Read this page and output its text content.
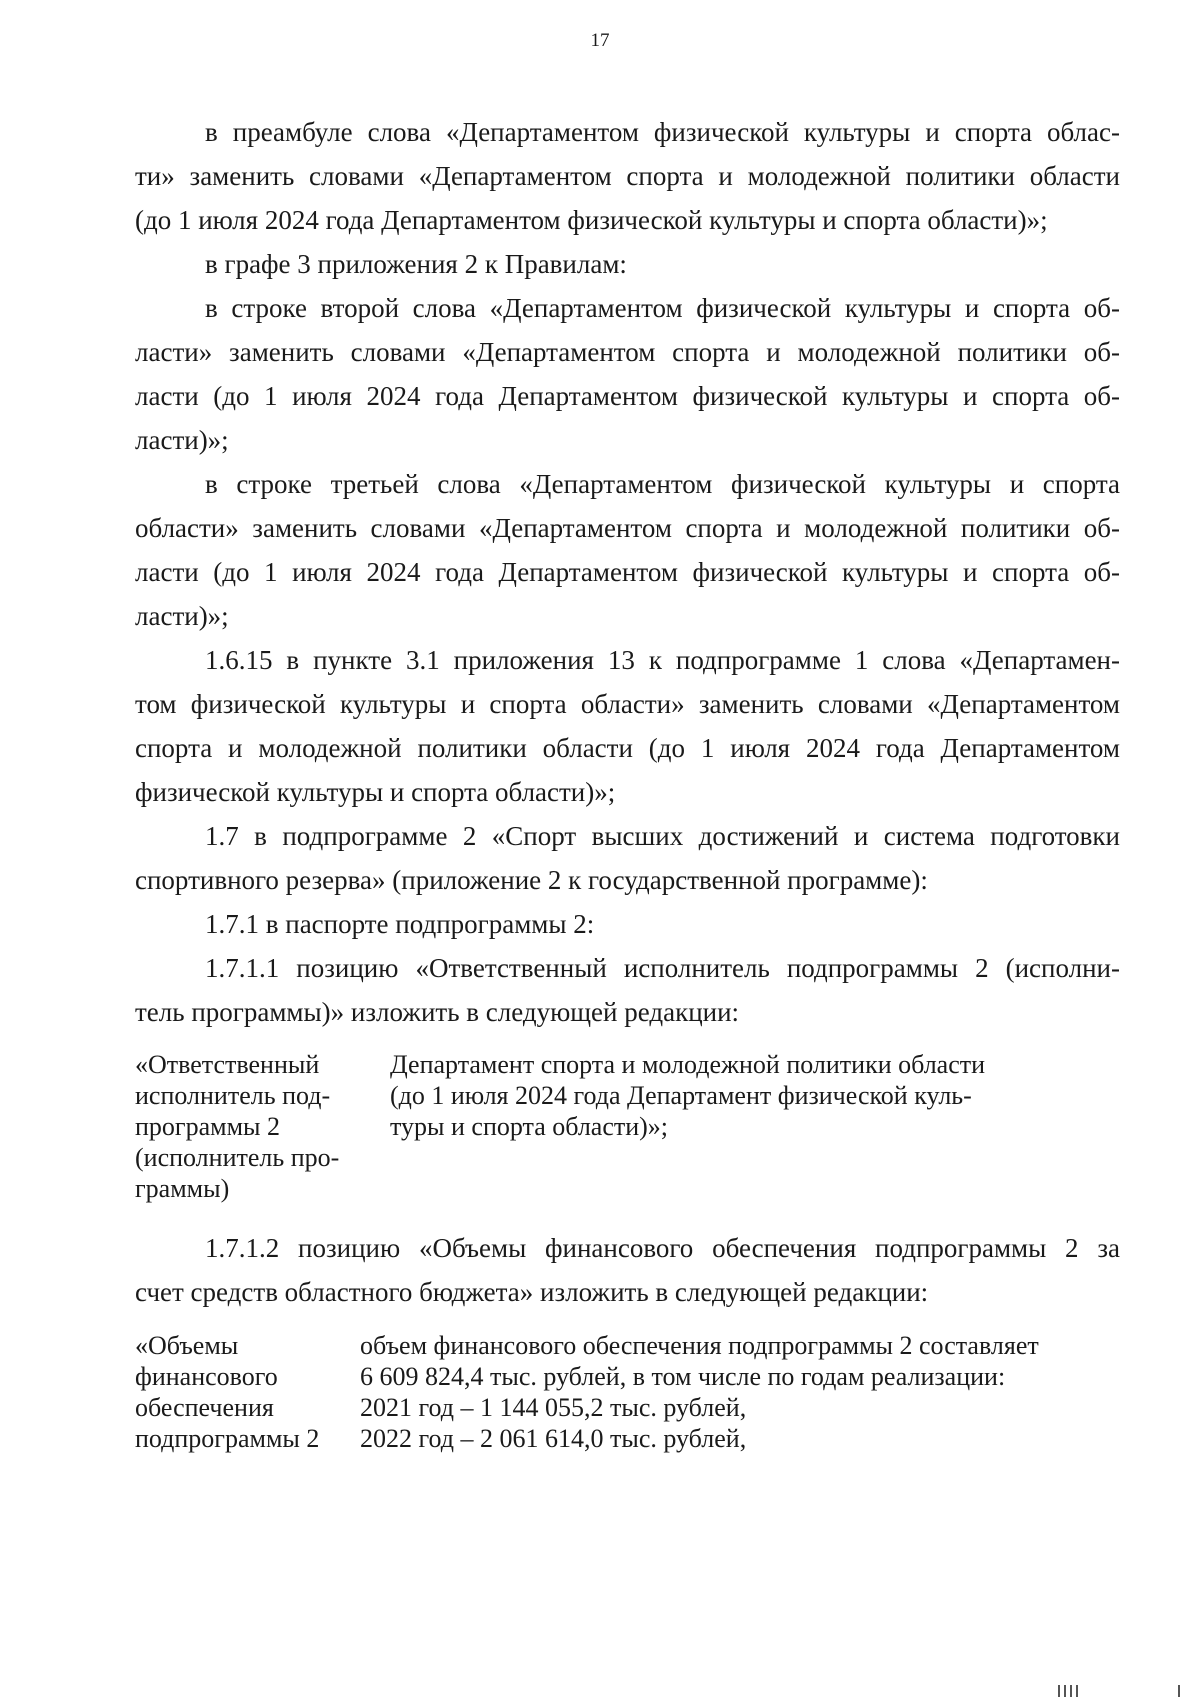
17
в преамбуле слова «Департаментом физической культуры и спорта облас-
ти» заменить словами «Департаментом спорта и молодежной политики области
(до 1 июля 2024 года Департаментом физической культуры и спорта области)»;
в графе 3 приложения 2 к Правилам:
в строке второй слова «Департаментом физической культуры и спорта об-
ласти» заменить словами «Департаментом спорта и молодежной политики об-
ласти (до 1 июля 2024 года Департаментом физической культуры и спорта об-
ласти)»;
в строке третьей слова «Департаментом физической культуры и спорта
области» заменить словами «Департаментом спорта и молодежной политики об-
ласти (до 1 июля 2024 года Департаментом физической культуры и спорта об-
ласти)»;
1.6.15 в пункте 3.1 приложения 13 к подпрограмме 1 слова «Департамен-
том физической культуры и спорта области» заменить словами «Департаментом
спорта и молодежной политики области (до 1 июля 2024 года Департаментом
физической культуры и спорта области)»;
1.7 в подпрограмме 2 «Спорт высших достижений и система подготовки
спортивного резерва» (приложение 2 к государственной программе):
1.7.1 в паспорте подпрограммы 2:
1.7.1.1 позицию «Ответственный исполнитель подпрограммы 2 (исполни-
тель программы)» изложить в следующей редакции:
«Ответственный
исполнитель под-
программы 2
(исполнитель про-
граммы)
Департамент спорта и молодежной политики области
(до 1 июля 2024 года Департамент физической куль-
туры и спорта области)»;
1.7.1.2 позицию «Объемы финансового обеспечения подпрограммы 2 за
счет средств областного бюджета» изложить в следующей редакции:
«Объемы
финансового
обеспечения
подпрограммы 2
объем финансового обеспечения подпрограммы 2 составляет
6 609 824,4 тыс. рублей, в том числе по годам реализации:
2021 год – 1 144 055,2 тыс. рублей,
2022 год – 2 061 614,0 тыс. рублей,
